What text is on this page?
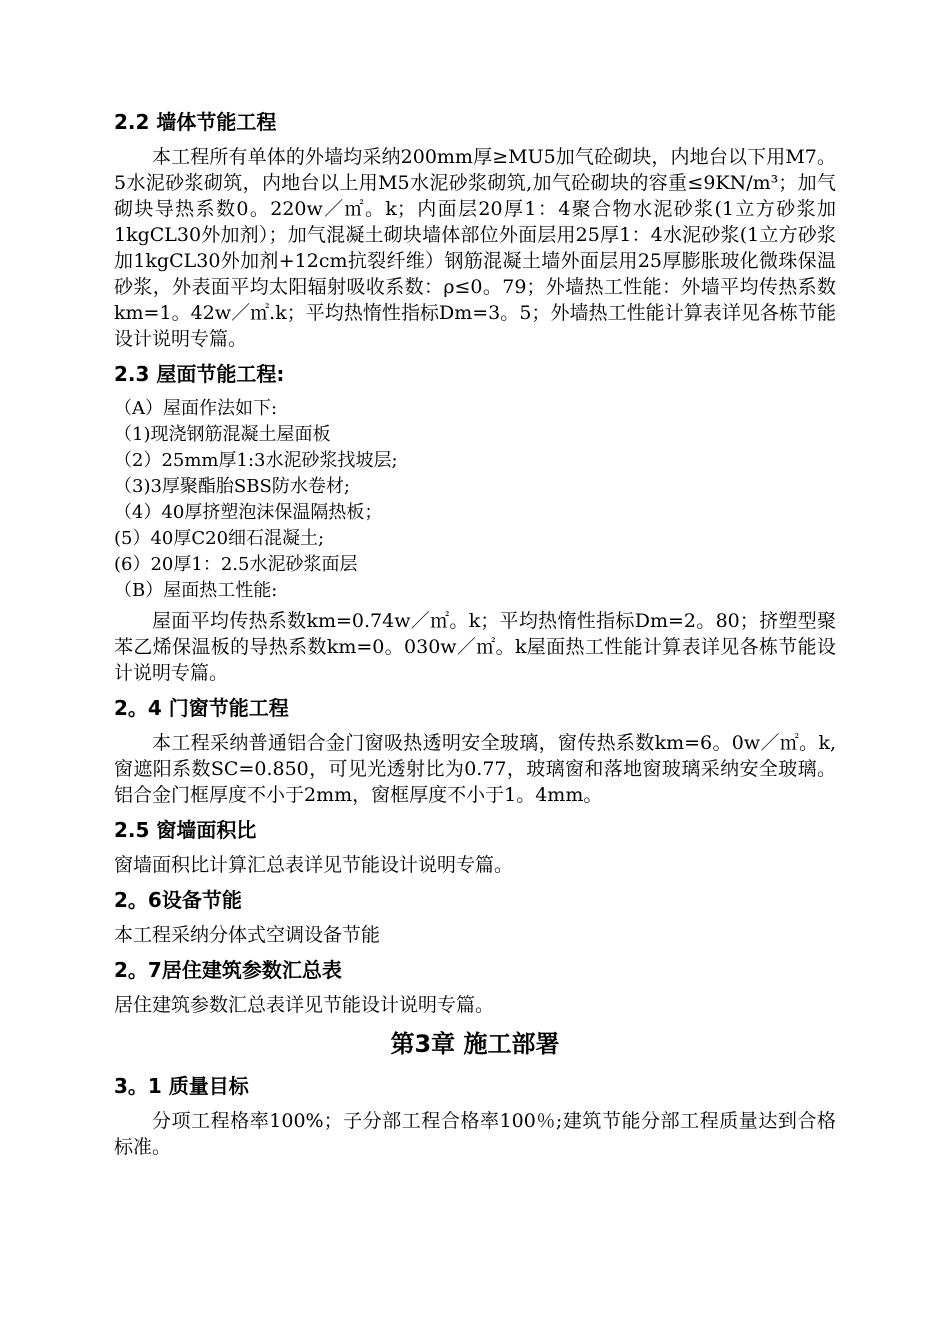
2.2 墙体节能工程
本工程所有单体的外墙均采纳200mm厚≥MU5加气砼砌块，内地台以下用M7。5水泥砂浆砌筑，内地台以上用M5水泥砂浆砌筑,加气砼砌块的容重≤9KN/m³；加气砌块导热系数0。220w／㎡。k；内面层20厚1：4聚合物水泥砂浆(1立方砂浆加1kgCL30外加剂）；加气混凝土砌块墙体部位外面层用25厚1：4水泥砂浆(1立方砂浆加1kgCL30外加剂+12cm抗裂纤维）钢筋混凝土墙外面层用25厚膨胀玻化微珠保温砂浆，外表面平均太阳辐射吸收系数：ρ≤0。79；外墙热工性能：外墙平均传热系数km=1。42w／㎡.k；平均热惰性指标Dm=3。5；外墙热工性能计算表详见各栋节能设计说明专篇。
2.3 屋面节能工程:
（A）屋面作法如下:
（1)现浇钢筋混凝土屋面板
（2）25mm厚1:3水泥砂浆找坡层;
（3)3厚聚酯胎SBS防水卷材;
（4）40厚挤塑泡沫保温隔热板；
(5）40厚C20细石混凝土;
(6）20厚1：2.5水泥砂浆面层
（B）屋面热工性能:
屋面平均传热系数km=0.74w／㎡。k；平均热惰性指标Dm=2。80；挤塑型聚苯乙烯保温板的导热系数km=0。030w／㎡。k屋面热工性能计算表详见各栋节能设计说明专篇。
2。4 门窗节能工程
本工程采纳普通铝合金门窗吸热透明安全玻璃，窗传热系数km=6。0w／㎡。k,窗遮阳系数SC=0.850，可见光透射比为0.77，玻璃窗和落地窗玻璃采纳安全玻璃。铝合金门框厚度不小于2mm，窗框厚度不小于1。4mm。
2.5 窗墙面积比
窗墙面积比计算汇总表详见节能设计说明专篇。
2。6设备节能
本工程采纳分体式空调设备节能
2。7居住建筑参数汇总表
居住建筑参数汇总表详见节能设计说明专篇。
第3章 施工部署
3。1 质量目标
分项工程格率100%；子分部工程合格率100％;建筑节能分部工程质量达到合格标准。
